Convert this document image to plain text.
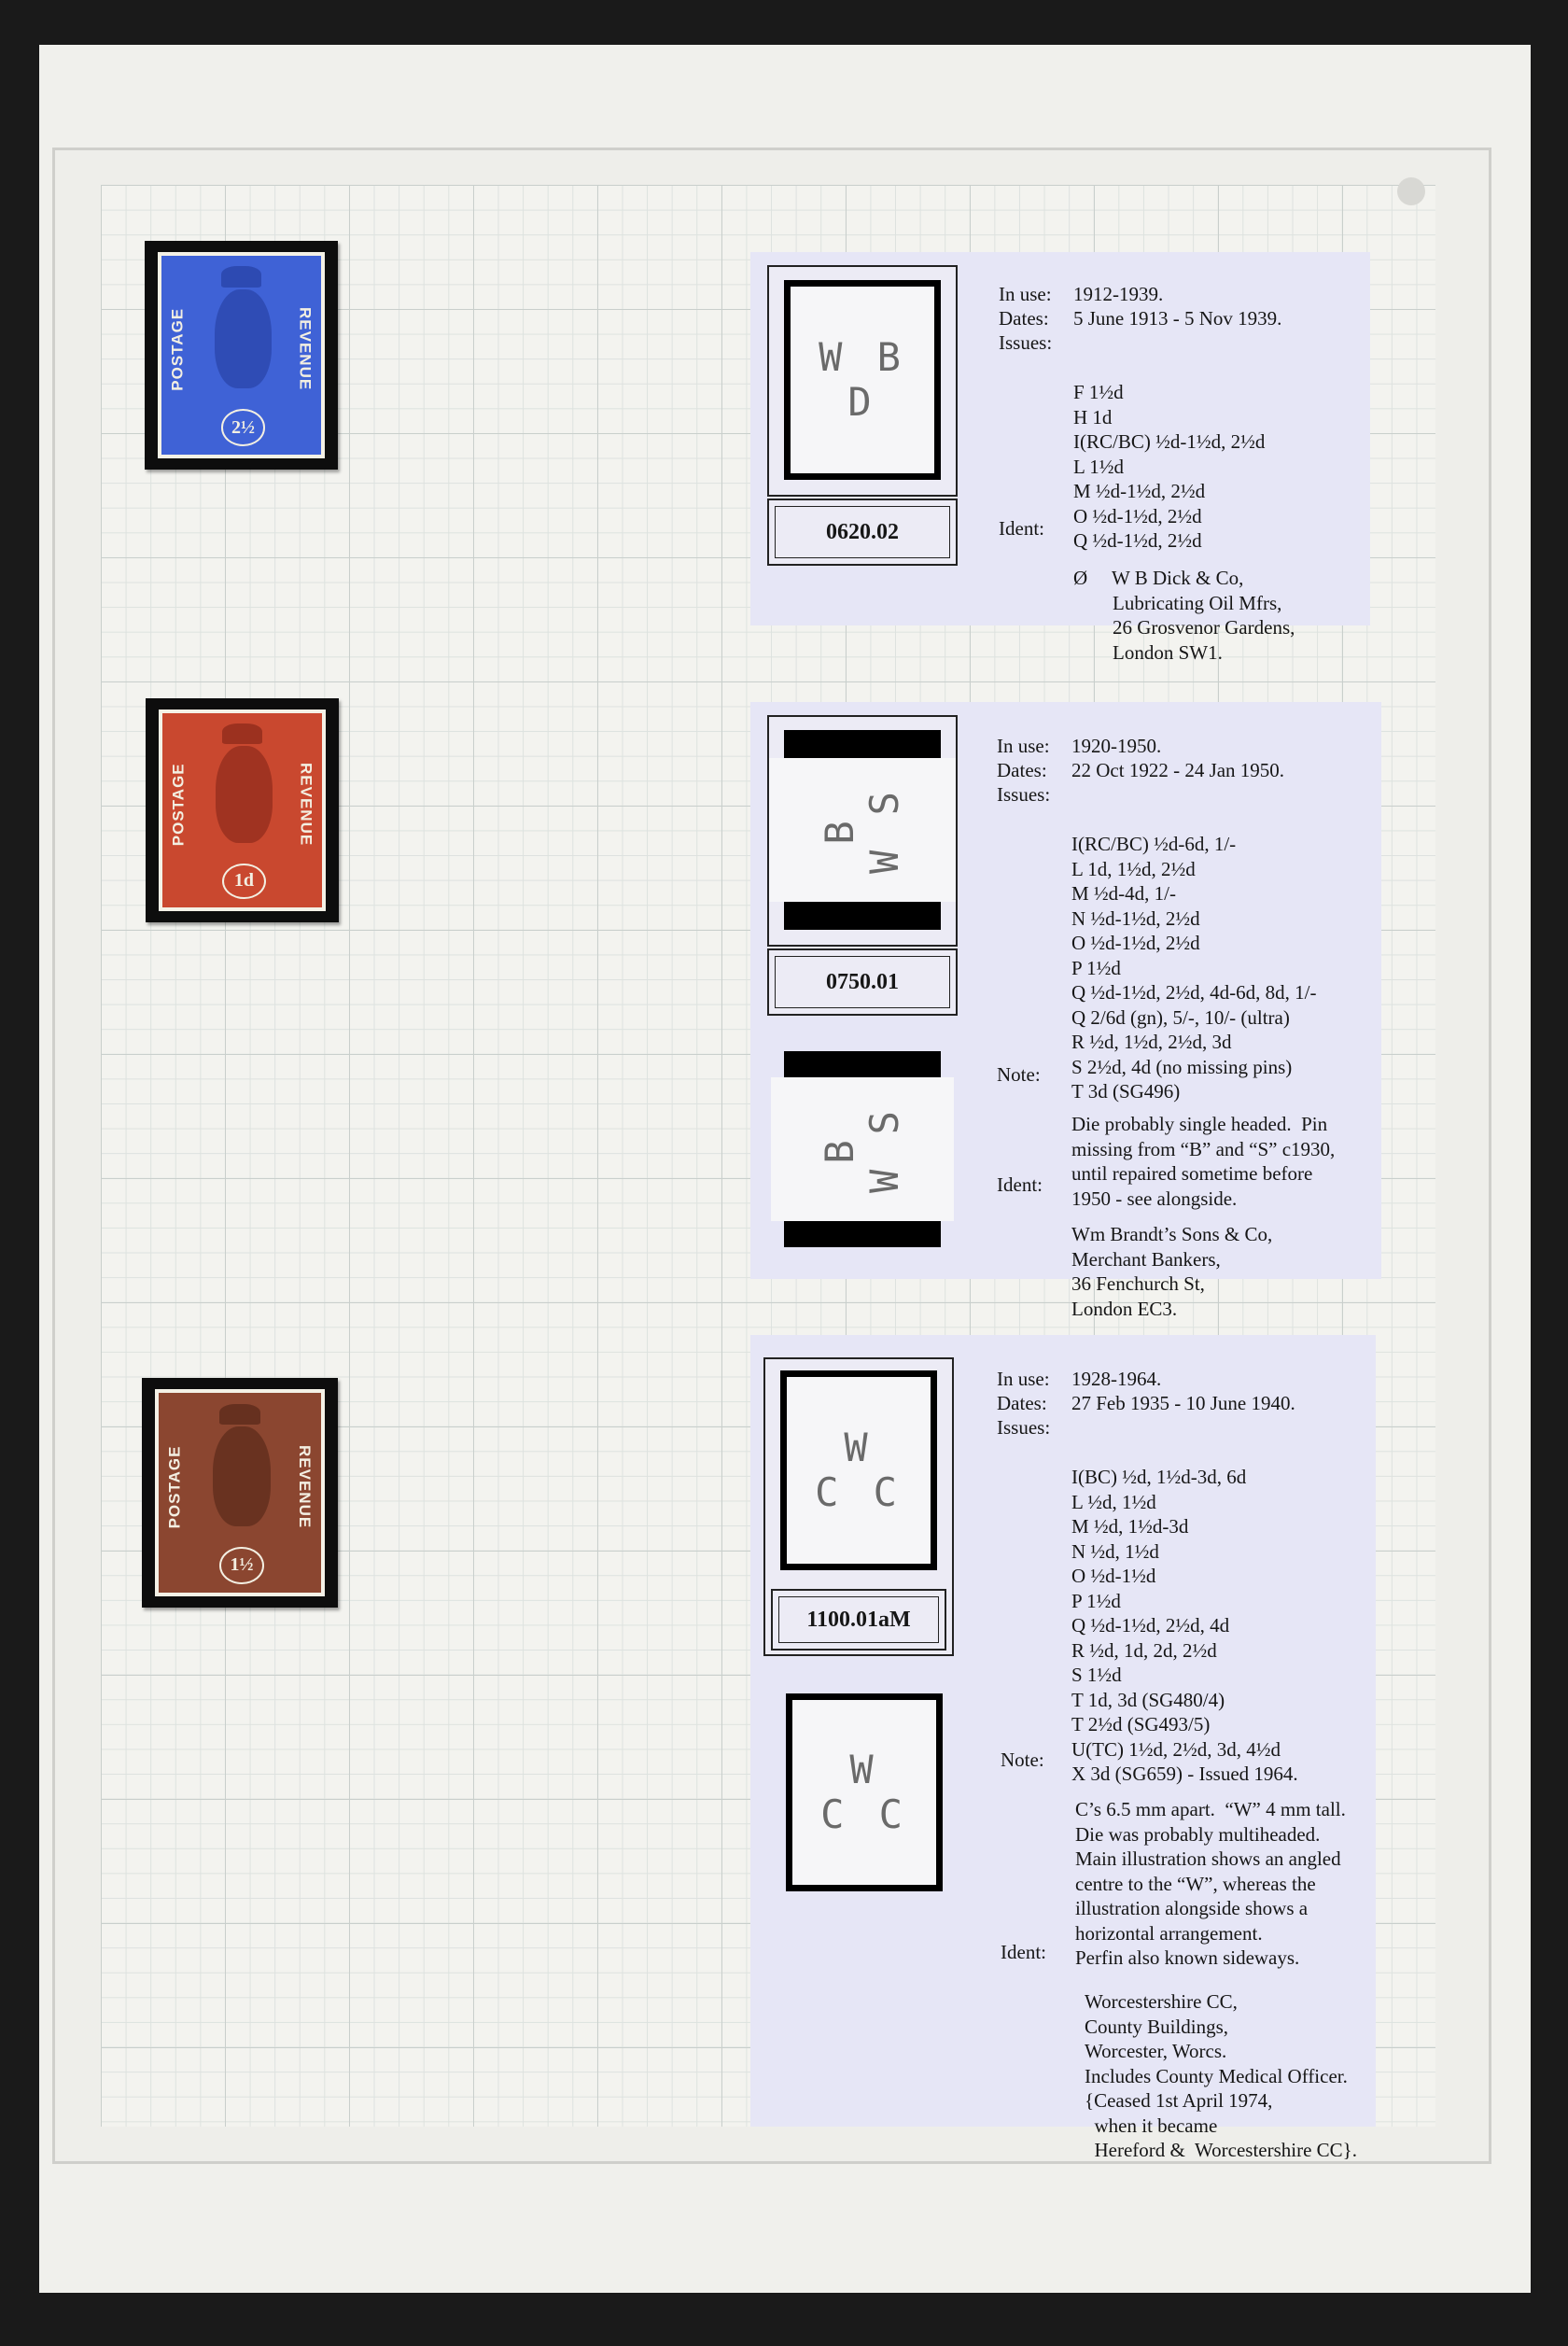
POSTAGE	REVENUE
2½
POSTAGE	REVENUE
1d
POSTAGE	REVENUE
1½
W B
D
0620.02
In use: 1912-1939.
Dates: 5 June 1913 - 5 Nov 1939.
Issues:

F 1½d
H 1d
I(RC/BC) ½d-1½d, 2½d
L 1½d
M ½d-1½d, 2½d
O ½d-1½d, 2½d
Q ½d-1½d, 2½d

Ident:

Ø     W B Dick & Co,
Lubricating Oil Mfrs,
26 Grosvenor Gardens,
London SW1.

B W S
0750.01
B W S
In use: 1920-1950.
Dates: 22 Oct 1922 - 24 Jan 1950.
Issues:

I(RC/BC) ½d-6d, 1/-
L 1d, 1½d, 2½d
M ½d-4d, 1/-
N ½d-1½d, 2½d
O ½d-1½d, 2½d
P 1½d
Q ½d-1½d, 2½d, 4d-6d, 8d, 1/-
Q 2/6d (gn), 5/-, 10/- (ultra)
R ½d, 1½d, 2½d, 3d
S 2½d, 4d (no missing pins)
T 3d (SG496)

Note:

Die probably single headed.  Pin
missing from “B” and “S” c1930,
until repaired sometime before
1950 - see alongside.

Ident:

Wm Brandt’s Sons & Co,
Merchant Bankers,
36 Fenchurch St,
London EC3.

W
C C
1100.01aM
W
C C
In use: 1928-1964.
Dates: 27 Feb 1935 - 10 June 1940.
Issues:

I(BC) ½d, 1½d-3d, 6d
L ½d, 1½d
M ½d, 1½d-3d
N ½d, 1½d
O ½d-1½d
P 1½d
Q ½d-1½d, 2½d, 4d
R ½d, 1d, 2d, 2½d
S 1½d
T 1d, 3d (SG480/4)
T 2½d (SG493/5)
U(TC) 1½d, 2½d, 3d, 4½d
X 3d (SG659) - Issued 1964.

Note:

C’s 6.5 mm apart.  “W” 4 mm tall.
Die was probably multiheaded.
Main illustration shows an angled
centre to the “W”, whereas the
illustration alongside shows a
horizontal arrangement.
Perfin also known sideways.

Ident:

Worcestershire CC,
County Buildings,
Worcester, Worcs.
Includes County Medical Officer.
{Ceased 1st April 1974,
when it became
Hereford &  Worcestershire CC}.
